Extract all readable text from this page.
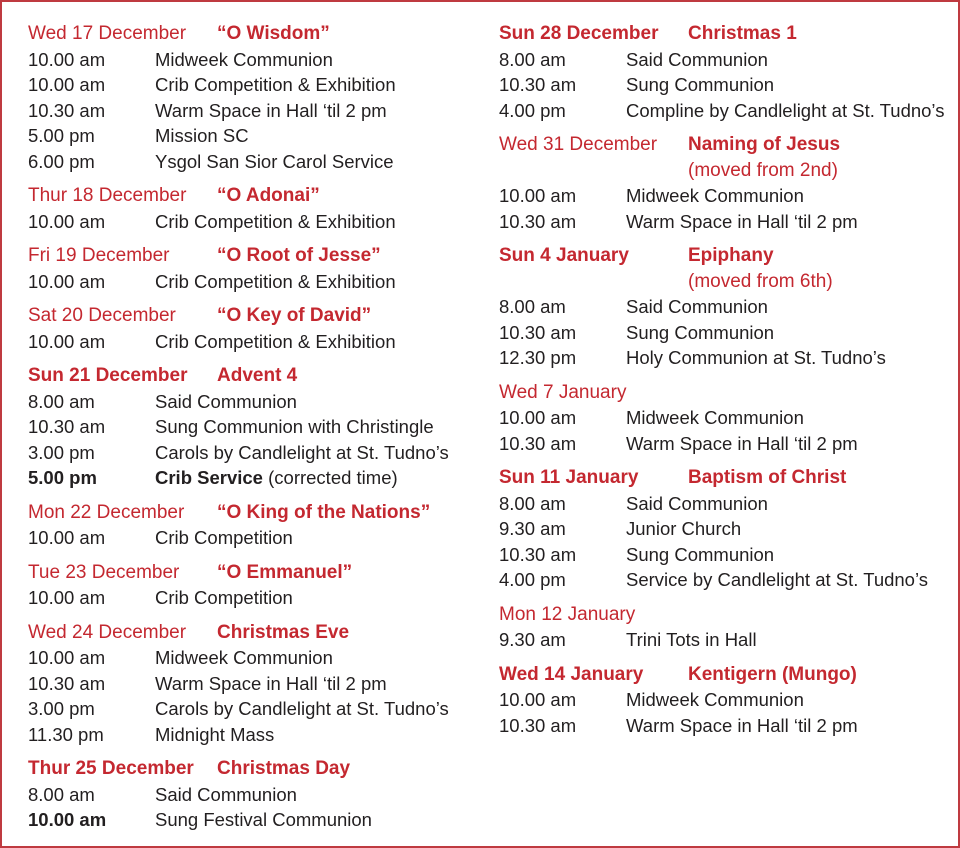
Wed 17 December “O Wisdom”
10.00 am	Midweek Communion
10.00 am	Crib Competition & Exhibition
10.30 am	Warm Space in Hall ‘til 2 pm
5.00 pm	Mission SC
6.00 pm	Ysgol San Sior Carol Service
Thur 18 December “O Adonai”
10.00 am	Crib Competition & Exhibition
Fri 19 December	“O Root of Jesse”
10.00 am	Crib Competition & Exhibition
Sat 20 December “O Key of David”
10.00 am	Crib Competition & Exhibition
Sun 21 December Advent 4
8.00 am	Said Communion
10.30 am	Sung Communion with Christingle
3.00 pm	Carols by Candlelight at St. Tudno’s
5.00 pm	Crib Service (corrected time)
Mon 22 December “O King of the Nations”
10.00 am	Crib Competition
Tue 23 December “O Emmanuel”
10.00 am	Crib Competition
Wed 24 December Christmas Eve
10.00 am	Midweek Communion
10.30 am	Warm Space in Hall ‘til 2 pm
3.00 pm	Carols by Candlelight at St. Tudno’s
11.30 pm	Midnight Mass
Thur 25 December Christmas Day
8.00 am	Said Communion
10.00 am	Sung Festival Communion
Sun 28 December Christmas 1
8.00 am	Said Communion
10.30 am	Sung Communion
4.00 pm	Compline by Candlelight at St. Tudno’s
Wed 31 December Naming of Jesus
(moved from 2nd)
10.00 am	Midweek Communion
10.30 am	Warm Space in Hall ‘til 2 pm
Sun 4 January	Epiphany
(moved from 6th)
8.00 am	Said Communion
10.30 am	Sung Communion
12.30 pm	Holy Communion at St. Tudno’s
Wed 7 January
10.00 am	Midweek Communion
10.30 am	Warm Space in Hall ‘til 2 pm
Sun 11 January	Baptism of Christ
8.00 am	Said Communion
9.30 am	Junior Church
10.30 am	Sung Communion
4.00 pm	Service by Candlelight at St. Tudno’s
Mon 12 January
9.30 am	Trini Tots in Hall
Wed 14 January Kentigern (Mungo)
10.00 am	Midweek Communion
10.30 am	Warm Space in Hall ‘til 2 pm
